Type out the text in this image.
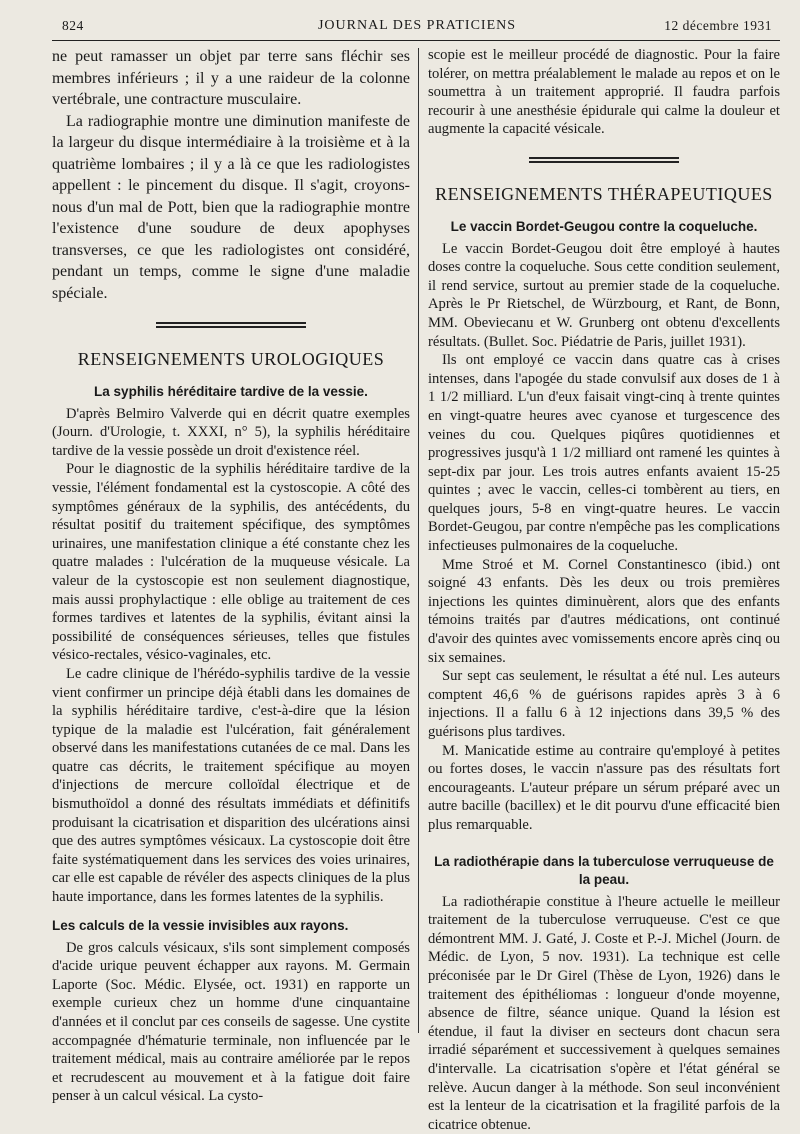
824	JOURNAL DES PRATICIENS	12 décembre 1931

ne peut ramasser un objet par terre sans fléchir ses membres inférieurs ; il y a une raideur de la colonne vertébrale, une contracture musculaire.

La radiographie montre une diminution manifeste de la largeur du disque intermédiaire à la troisième et à la quatrième lombaires ; il y a là ce que les radiologistes appellent : le pincement du disque. Il s'agit, croyons-nous d'un mal de Pott, bien que la radiographie montre l'existence d'une soudure de deux apophyses transverses, ce que les radiologistes ont considéré, pendant un temps, comme le signe d'une maladie spéciale.

RENSEIGNEMENTS UROLOGIQUES
La syphilis héréditaire tardive de la vessie.

D'après Belmiro Valverde qui en décrit quatre exemples (Journ. d'Urologie, t. XXXI, n° 5), la syphilis héréditaire tardive de la vessie possède un droit d'existence réel.

Pour le diagnostic de la syphilis héréditaire tardive de la vessie, l'élément fondamental est la cystoscopie. A côté des symptômes généraux de la syphilis, des antécédents, du résultat positif du traitement spécifique, des symptômes urinaires, une manifestation clinique a été constante chez les quatre malades : l'ulcération de la muqueuse vésicale. La valeur de la cystoscopie est non seulement diagnostique, mais aussi prophylactique : elle oblige au traitement de ces formes tardives et latentes de la syphilis, évitant ainsi la possibilité de conséquences sérieuses, telles que fistules vésico-rectales, vésico-vaginales, etc.

Le cadre clinique de l'hérédo-syphilis tardive de la vessie vient confirmer un principe déjà établi dans les domaines de la syphilis héréditaire tardive, c'est-à-dire que la lésion typique de la maladie est l'ulcération, fait généralement observé dans les manifestations cutanées de ce mal. Dans les quatre cas décrits, le traitement spécifique au moyen d'injections de mercure colloïdal électrique et de bismuthoïdol a donné des résultats immédiats et définitifs produisant la cicatrisation et disparition des ulcérations ainsi que des autres symptômes vésicaux. La cystoscopie doit être faite systématiquement dans les services des voies urinaires, car elle est capable de révéler des aspects cliniques de la plus haute importance, dans les formes latentes de la syphilis.

Les calculs de la vessie invisibles aux rayons.

De gros calculs vésicaux, s'ils sont simplement composés d'acide urique peuvent échapper aux rayons. M. Germain Laporte (Soc. Médic. Elysée, oct. 1931) en rapporte un exemple curieux chez un homme d'une cinquantaine d'années et il conclut par ces conseils de sagesse. Une cystite accompagnée d'hématurie terminale, non influencée par le traitement médical, mais au contraire améliorée par le repos et recrudescent au mouvement et à la fatigue doit faire penser à un calcul vésical. La cysto-

scopie est le meilleur procédé de diagnostic. Pour la faire tolérer, on mettra préalablement le malade au repos et on le soumettra à un traitement approprié. Il faudra parfois recourir à une anesthésie épidurale qui calme la douleur et augmente la capacité vésicale.

RENSEIGNEMENTS THÉRAPEUTIQUES
Le vaccin Bordet-Geugou contre la coqueluche.

Le vaccin Bordet-Geugou doit être employé à hautes doses contre la coqueluche. Sous cette condition seulement, il rend service, surtout au premier stade de la coqueluche. Après le Pr Rietschel, de Würzbourg, et Rant, de Bonn, MM. Obeviecanu et W. Grunberg ont obtenu d'excellents résultats. (Bullet. Soc. Piédatrie de Paris, juillet 1931).

Ils ont employé ce vaccin dans quatre cas à crises intenses, dans l'apogée du stade convulsif aux doses de 1 à 1 1/2 milliard. L'un d'eux faisait vingt-cinq à trente quintes en vingt-quatre heures avec cyanose et turgescence des veines du cou. Quelques piqûres quotidiennes et progressives jusqu'à 1 1/2 milliard ont ramené les quintes à sept-dix par jour. Les trois autres enfants avaient 15-25 quintes ; avec le vaccin, celles-ci tombèrent au tiers, en quelques jours, 5-8 en vingt-quatre heures. Le vaccin Bordet-Geugou, par contre n'empêche pas les complications infectieuses pulmonaires de la coqueluche.

Mme Stroé et M. Cornel Constantinesco (ibid.) ont soigné 43 enfants. Dès les deux ou trois premières injections les quintes diminuèrent, alors que des enfants témoins traités par d'autres médications, ont continué d'avoir des quintes avec vomissements encore après cinq ou six semaines.

Sur sept cas seulement, le résultat a été nul. Les auteurs comptent 46,6 % de guérisons rapides après 3 à 6 injections. Il a fallu 6 à 12 injections dans 39,5 % des guérisons plus tardives.

M. Manicatide estime au contraire qu'employé à petites ou fortes doses, le vaccin n'assure pas des résultats fort encourageants. L'auteur prépare un sérum préparé avec un autre bacille (bacillex) et le dit pourvu d'une efficacité bien plus remarquable.

La radiothérapie dans la tuberculose verruqueuse de la peau.

La radiothérapie constitue à l'heure actuelle le meilleur traitement de la tuberculose verruqueuse. C'est ce que démontrent MM. J. Gaté, J. Coste et P.-J. Michel (Journ. de Médic. de Lyon, 5 nov. 1931). La technique est celle préconisée par le Dr Girel (Thèse de Lyon, 1926) dans le traitement des épithéliomas : longueur d'onde moyenne, absence de filtre, séance unique. Quand la lésion est étendue, il faut la diviser en secteurs dont chacun sera irradié séparément et successivement à quelques semaines d'intervalle. La cicatrisation s'opère et l'état général se relève. Aucun danger à la méthode. Son seul inconvénient est la lenteur de la cicatrisation et la fragilité parfois de la cicatrice obtenue.
